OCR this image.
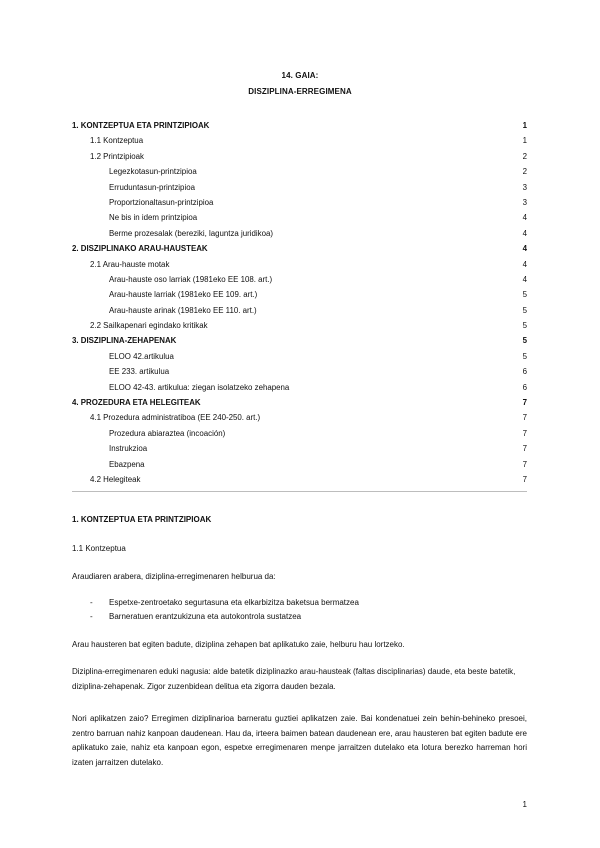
14. GAIA:
DISZIPLINA-ERREGIMENA
1. KONTZEPTUA ETA PRINTZIPIOAK	1
1.1 Kontzeptua	1
1.2 Printzipioak	2
Legezkotasun-printzipioa	2
Erruduntasun-printzipioa	3
Proportzionaltasun-printzipioa	3
Ne bis in idem printzipioa	4
Berme prozesalak (bereziki, laguntza juridikoa)	4
2. DISZIPLINAKO ARAU-HAUSTEAK	4
2.1 Arau-hauste motak	4
Arau-hauste oso larriak (1981eko EE 108. art.)	4
Arau-hauste larriak (1981eko EE 109. art.)	5
Arau-hauste arinak (1981eko EE 110. art.)	5
2.2 Sailkapenari egindako kritikak	5
3. DISZIPLINA-ZEHAPENAK	5
ELOO 42.artikulua	5
EE 233. artikulua	6
ELOO 42-43. artikulua: ziegan isolatzeko zehapena	6
4. PROZEDURA ETA HELEGITEAK	7
4.1 Prozedura administratiboa (EE 240-250. art.)	7
Prozedura abiaraztea (incoación)	7
Instrukzioa	7
Ebazpena	7
4.2 Helegiteak	7
1. KONTZEPTUA ETA PRINTZIPIOAK
1.1 Kontzeptua
Araudiaren arabera, diziplina-erregimenaren helburua da:
- Espetxe-zentroetako segurtasuna eta elkarbizitza baketsua bermatzea
- Barneratuen erantzukizuna eta autokontrola sustatzea
Arau hausteren bat egiten badute, diziplina zehapen bat aplikatuko zaie, helburu hau lortzeko.
Diziplina-erregimenaren eduki nagusia: alde batetik diziplinazko arau-hausteak (faltas disciplinarias) daude, eta beste batetik, diziplina-zehapenak. Zigor zuzenbidean delitua eta zigorra dauden bezala.
Nori aplikatzen zaio? Erregimen diziplinarioa barneratu guztiei aplikatzen zaie. Bai kondenatuei zein behin-behineko presoei, zentro barruan nahiz kanpoan daudenean. Hau da, irteera baimen batean daudenean ere, arau hausteren bat egiten badute ere aplikatuko zaie, nahiz eta kanpoan egon, espetxe erregimenaren menpe jarraitzen dutelako eta lotura berezko harreman hori izaten jarraitzen dutelako.
1
